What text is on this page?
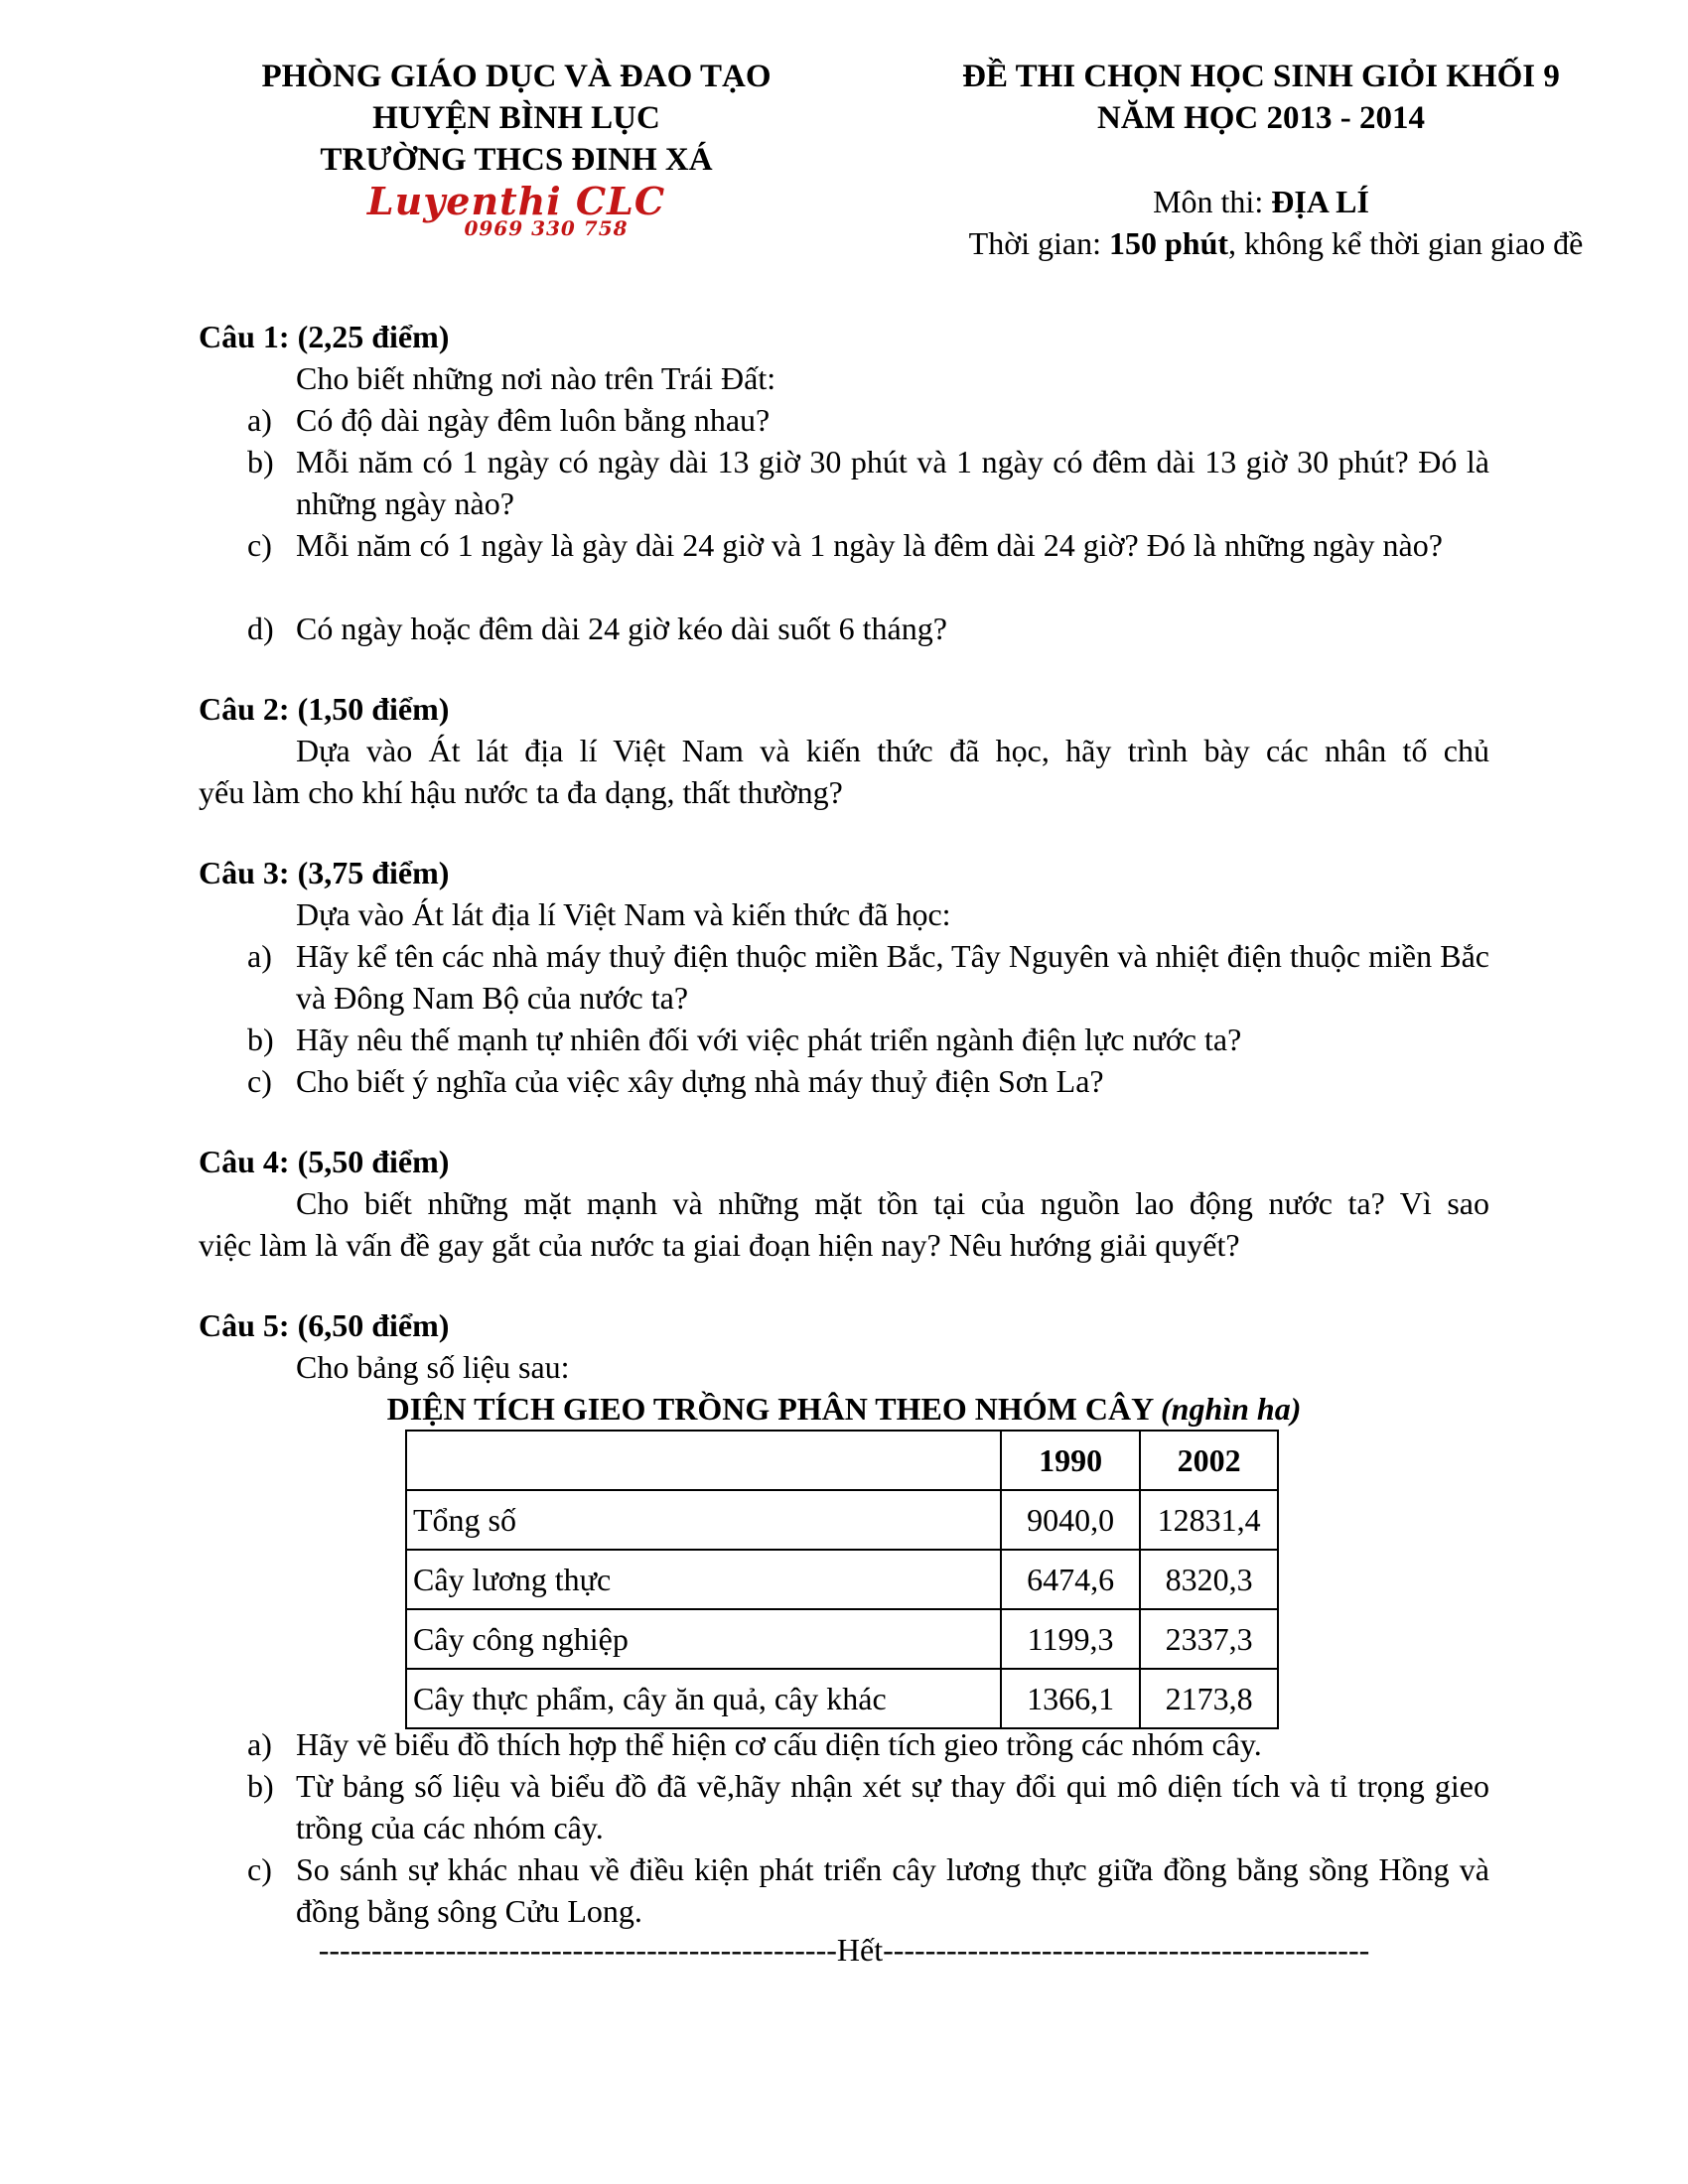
PHÒNG GIÁO DỤC VÀ ĐAO TẠO
HUYỆN BÌNH LỤC
TRƯỜNG THCS ĐINH XÁ
Luyenthi CLC
0969 330 758
ĐỀ THI CHỌN HỌC SINH GIỎI KHỐI 9
NĂM HỌC 2013 - 2014
Môn thi: ĐỊA LÍ
Thời gian: 150 phút, không kể thời gian giao đề
Câu 1: (2,25 điểm)
Cho biết những nơi nào trên Trái Đất:
a) Có độ dài ngày đêm luôn bằng nhau?
b) Mỗi năm có 1 ngày có ngày dài 13 giờ 30 phút và 1 ngày có đêm dài 13 giờ 30 phút? Đó là những ngày nào?
c) Mỗi năm có 1 ngày là gày dài 24 giờ và 1 ngày là đêm dài 24 giờ? Đó là những ngày nào?
d) Có ngày hoặc đêm dài 24 giờ kéo dài suốt 6 tháng?
Câu 2: (1,50 điểm)
Dựa vào Át lát địa lí Việt Nam và kiến thức đã học, hãy trình bày các nhân tố chủ
yếu làm cho khí hậu nước ta đa dạng, thất thường?
Câu 3: (3,75 điểm)
Dựa vào Át lát địa lí Việt Nam và kiến thức đã học:
a) Hãy kể tên các nhà máy thuỷ điện thuộc miền Bắc, Tây Nguyên và nhiệt điện thuộc miền Bắc và Đông Nam Bộ của nước ta?
b) Hãy nêu thế mạnh tự nhiên đối với việc phát triển ngành điện lực nước ta?
c) Cho biết ý nghĩa của việc xây dựng nhà máy thuỷ điện Sơn La?
Câu 4: (5,50 điểm)
Cho biết những mặt mạnh và những mặt tồn tại của nguồn lao động nước ta? Vì sao
việc làm là vấn đề gay gắt của nước ta giai đoạn hiện nay? Nêu hướng giải quyết?
Câu 5: (6,50 điểm)
Cho bảng số liệu sau:
DIỆN TÍCH GIEO TRỒNG PHÂN THEO NHÓM CÂY (nghìn ha)
	1990	2002
Tổng số	9040,0	12831,4
Cây lương thực	6474,6	8320,3
Cây công nghiệp	1199,3	2337,3
Cây thực phẩm, cây ăn quả, cây khác	1366,1	2173,8
a) Hãy vẽ biểu đồ thích hợp thể hiện cơ cấu diện tích gieo trồng các nhóm cây.
b) Từ bảng số liệu và biểu đồ đã vẽ,hãy nhận xét sự thay đổi qui mô diện tích và tỉ trọng gieo trồng của các nhóm cây.
c) So sánh sự khác nhau về điều kiện phát triển cây lương thực giữa đồng bằng sồng Hồng và đồng bằng sông Cửu Long.
-------------------------------------------------Hết----------------------------------------------
